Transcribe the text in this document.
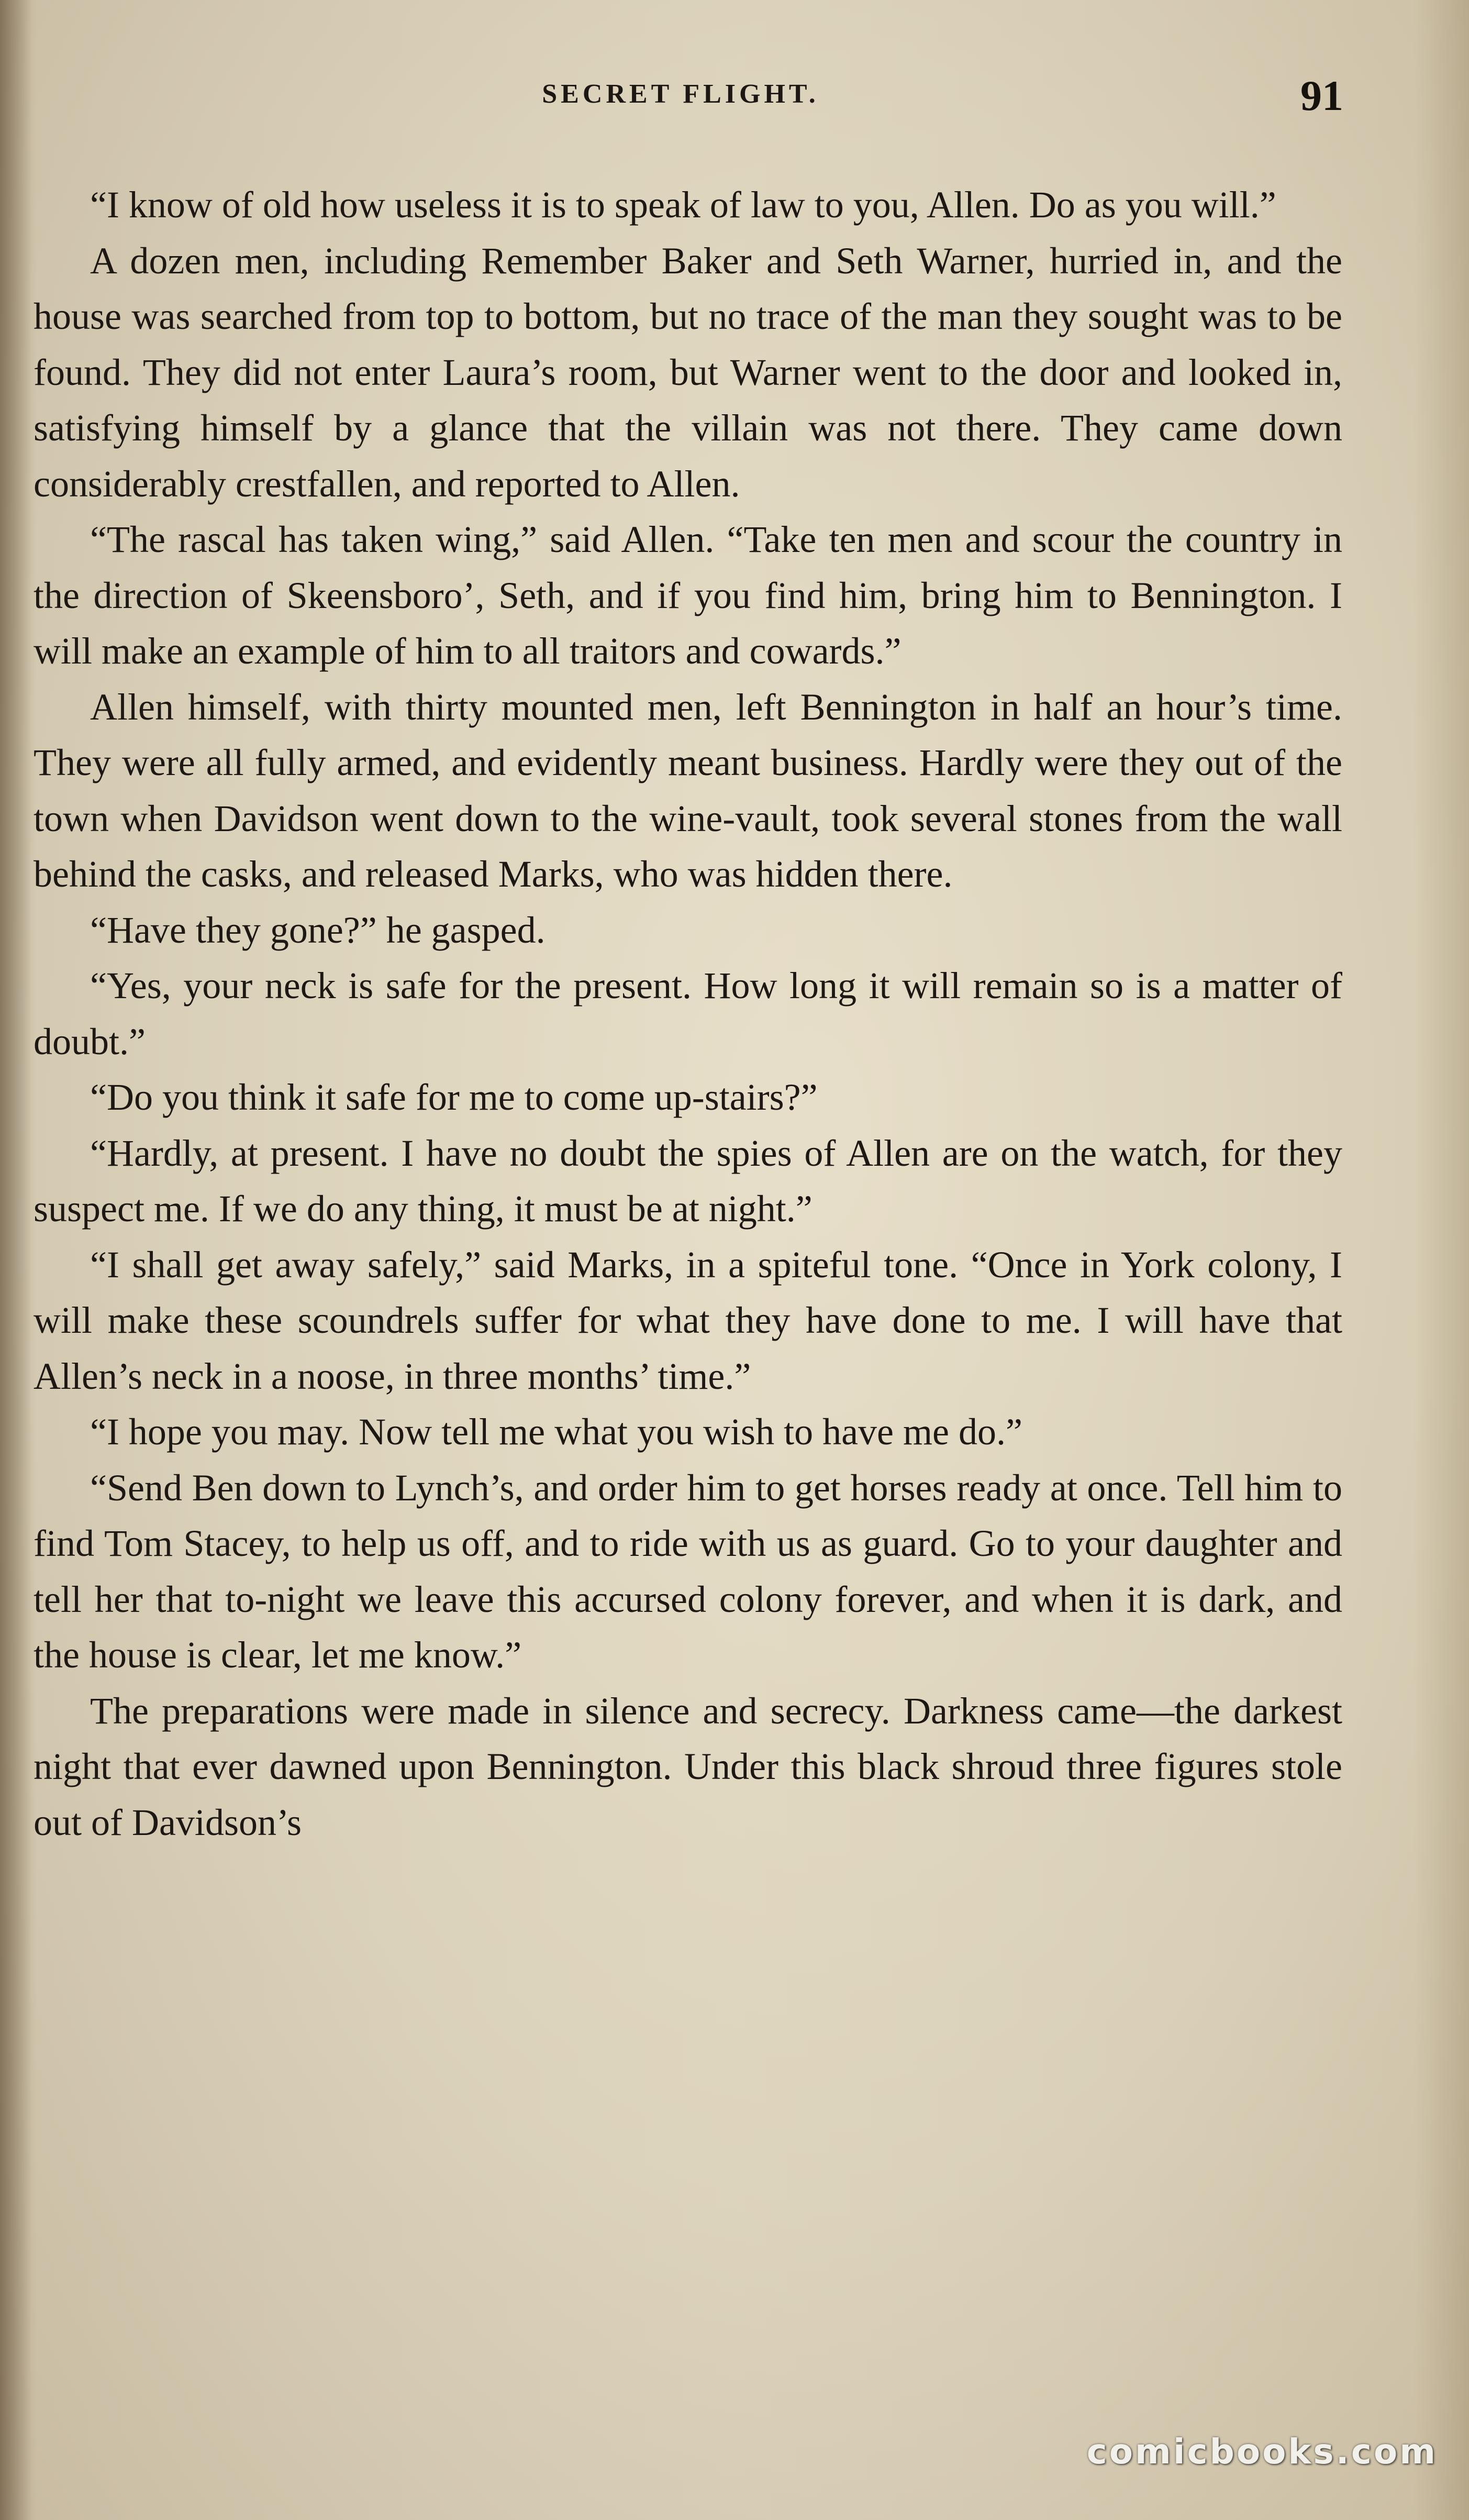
SECRET FLIGHT.	91

“I know of old how useless it is to speak of law to you, Allen. Do as you will.”

A dozen men, including Remember Baker and Seth Warner, hurried in, and the house was searched from top to bottom, but no trace of the man they sought was to be found. They did not enter Laura’s room, but Warner went to the door and looked in, satisfying himself by a glance that the villain was not there. They came down considerably crestfallen, and reported to Allen.

“The rascal has taken wing,” said Allen. “Take ten men and scour the country in the direction of Skeensboro’, Seth, and if you find him, bring him to Bennington. I will make an example of him to all traitors and cowards.”

Allen himself, with thirty mounted men, left Bennington in half an hour’s time. They were all fully armed, and evidently meant business. Hardly were they out of the town when Davidson went down to the wine-vault, took several stones from the wall behind the casks, and released Marks, who was hidden there.

“Have they gone?” he gasped.

“Yes, your neck is safe for the present. How long it will remain so is a matter of doubt.”

“Do you think it safe for me to come up-stairs?”

“Hardly, at present. I have no doubt the spies of Allen are on the watch, for they suspect me. If we do any thing, it must be at night.”

“I shall get away safely,” said Marks, in a spiteful tone. “Once in York colony, I will make these scoundrels suffer for what they have done to me. I will have that Allen’s neck in a noose, in three months’ time.”

“I hope you may. Now tell me what you wish to have me do.”

“Send Ben down to Lynch’s, and order him to get horses ready at once. Tell him to find Tom Stacey, to help us off, and to ride with us as guard. Go to your daughter and tell her that to-night we leave this accursed colony forever, and when it is dark, and the house is clear, let me know.”

The preparations were made in silence and secrecy. Darkness came—the darkest night that ever dawned upon Bennington. Under this black shroud three figures stole out of Davidson’s

comicbooks.com
